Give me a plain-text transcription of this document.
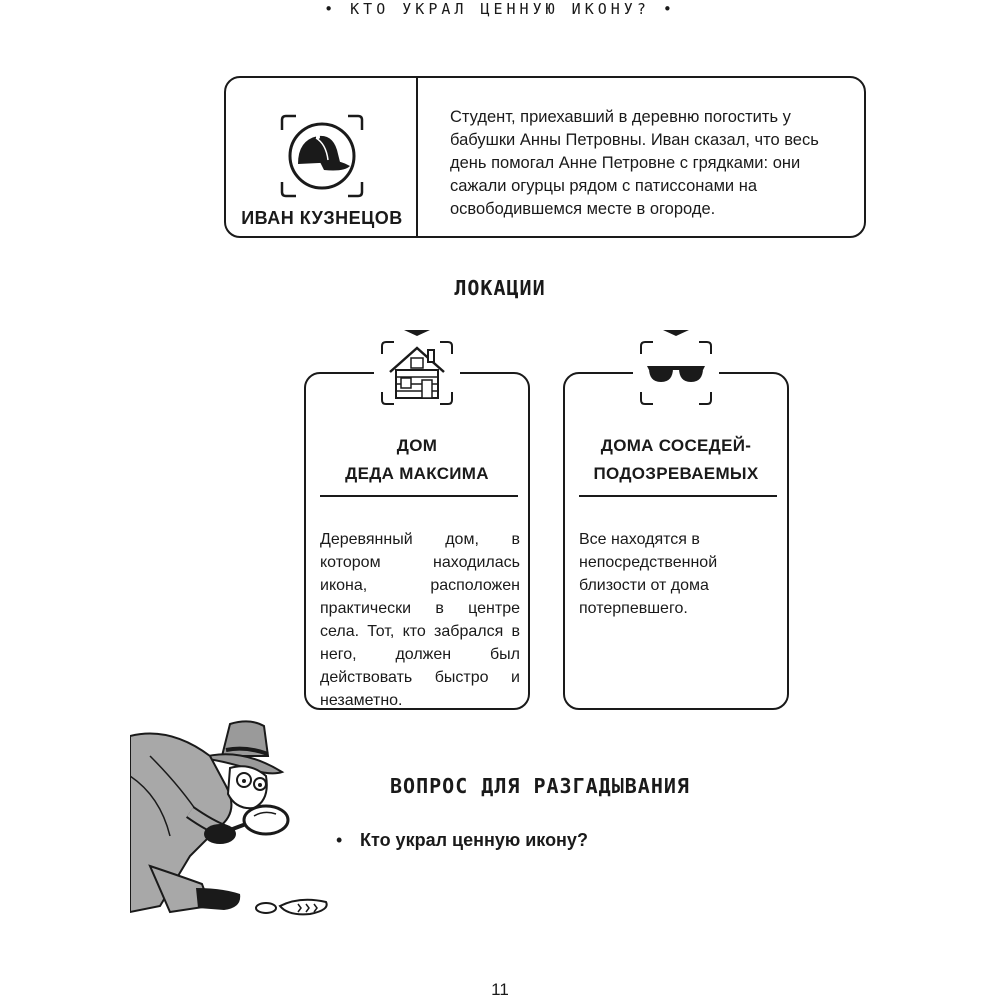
• КТО УКРАЛ ЦЕННУЮ ИКОНУ? •
ИВАН КУЗНЕЦОВ
Студент, приехавший в деревню погостить у бабушки Анны Петровны. Иван сказал, что весь день помогал Анне Петровне с грядками: они сажали огурцы рядом с патиссонами на освободившемся месте в огороде.
ЛОКАЦИИ
ДОМ
ДЕДА МАКСИМА
Деревянный дом, в котором находилась икона, расположен практически в центре села. Тот, кто забрался в него, должен был действовать быстро и незаметно.
ДОМА СОСЕДЕЙ-
ПОДОЗРЕВАЕМЫХ
Все находятся в непосредственной близости от дома потерпевшего.
ВОПРОС ДЛЯ РАЗГАДЫВАНИЯ
• Кто украл ценную икону?
11
